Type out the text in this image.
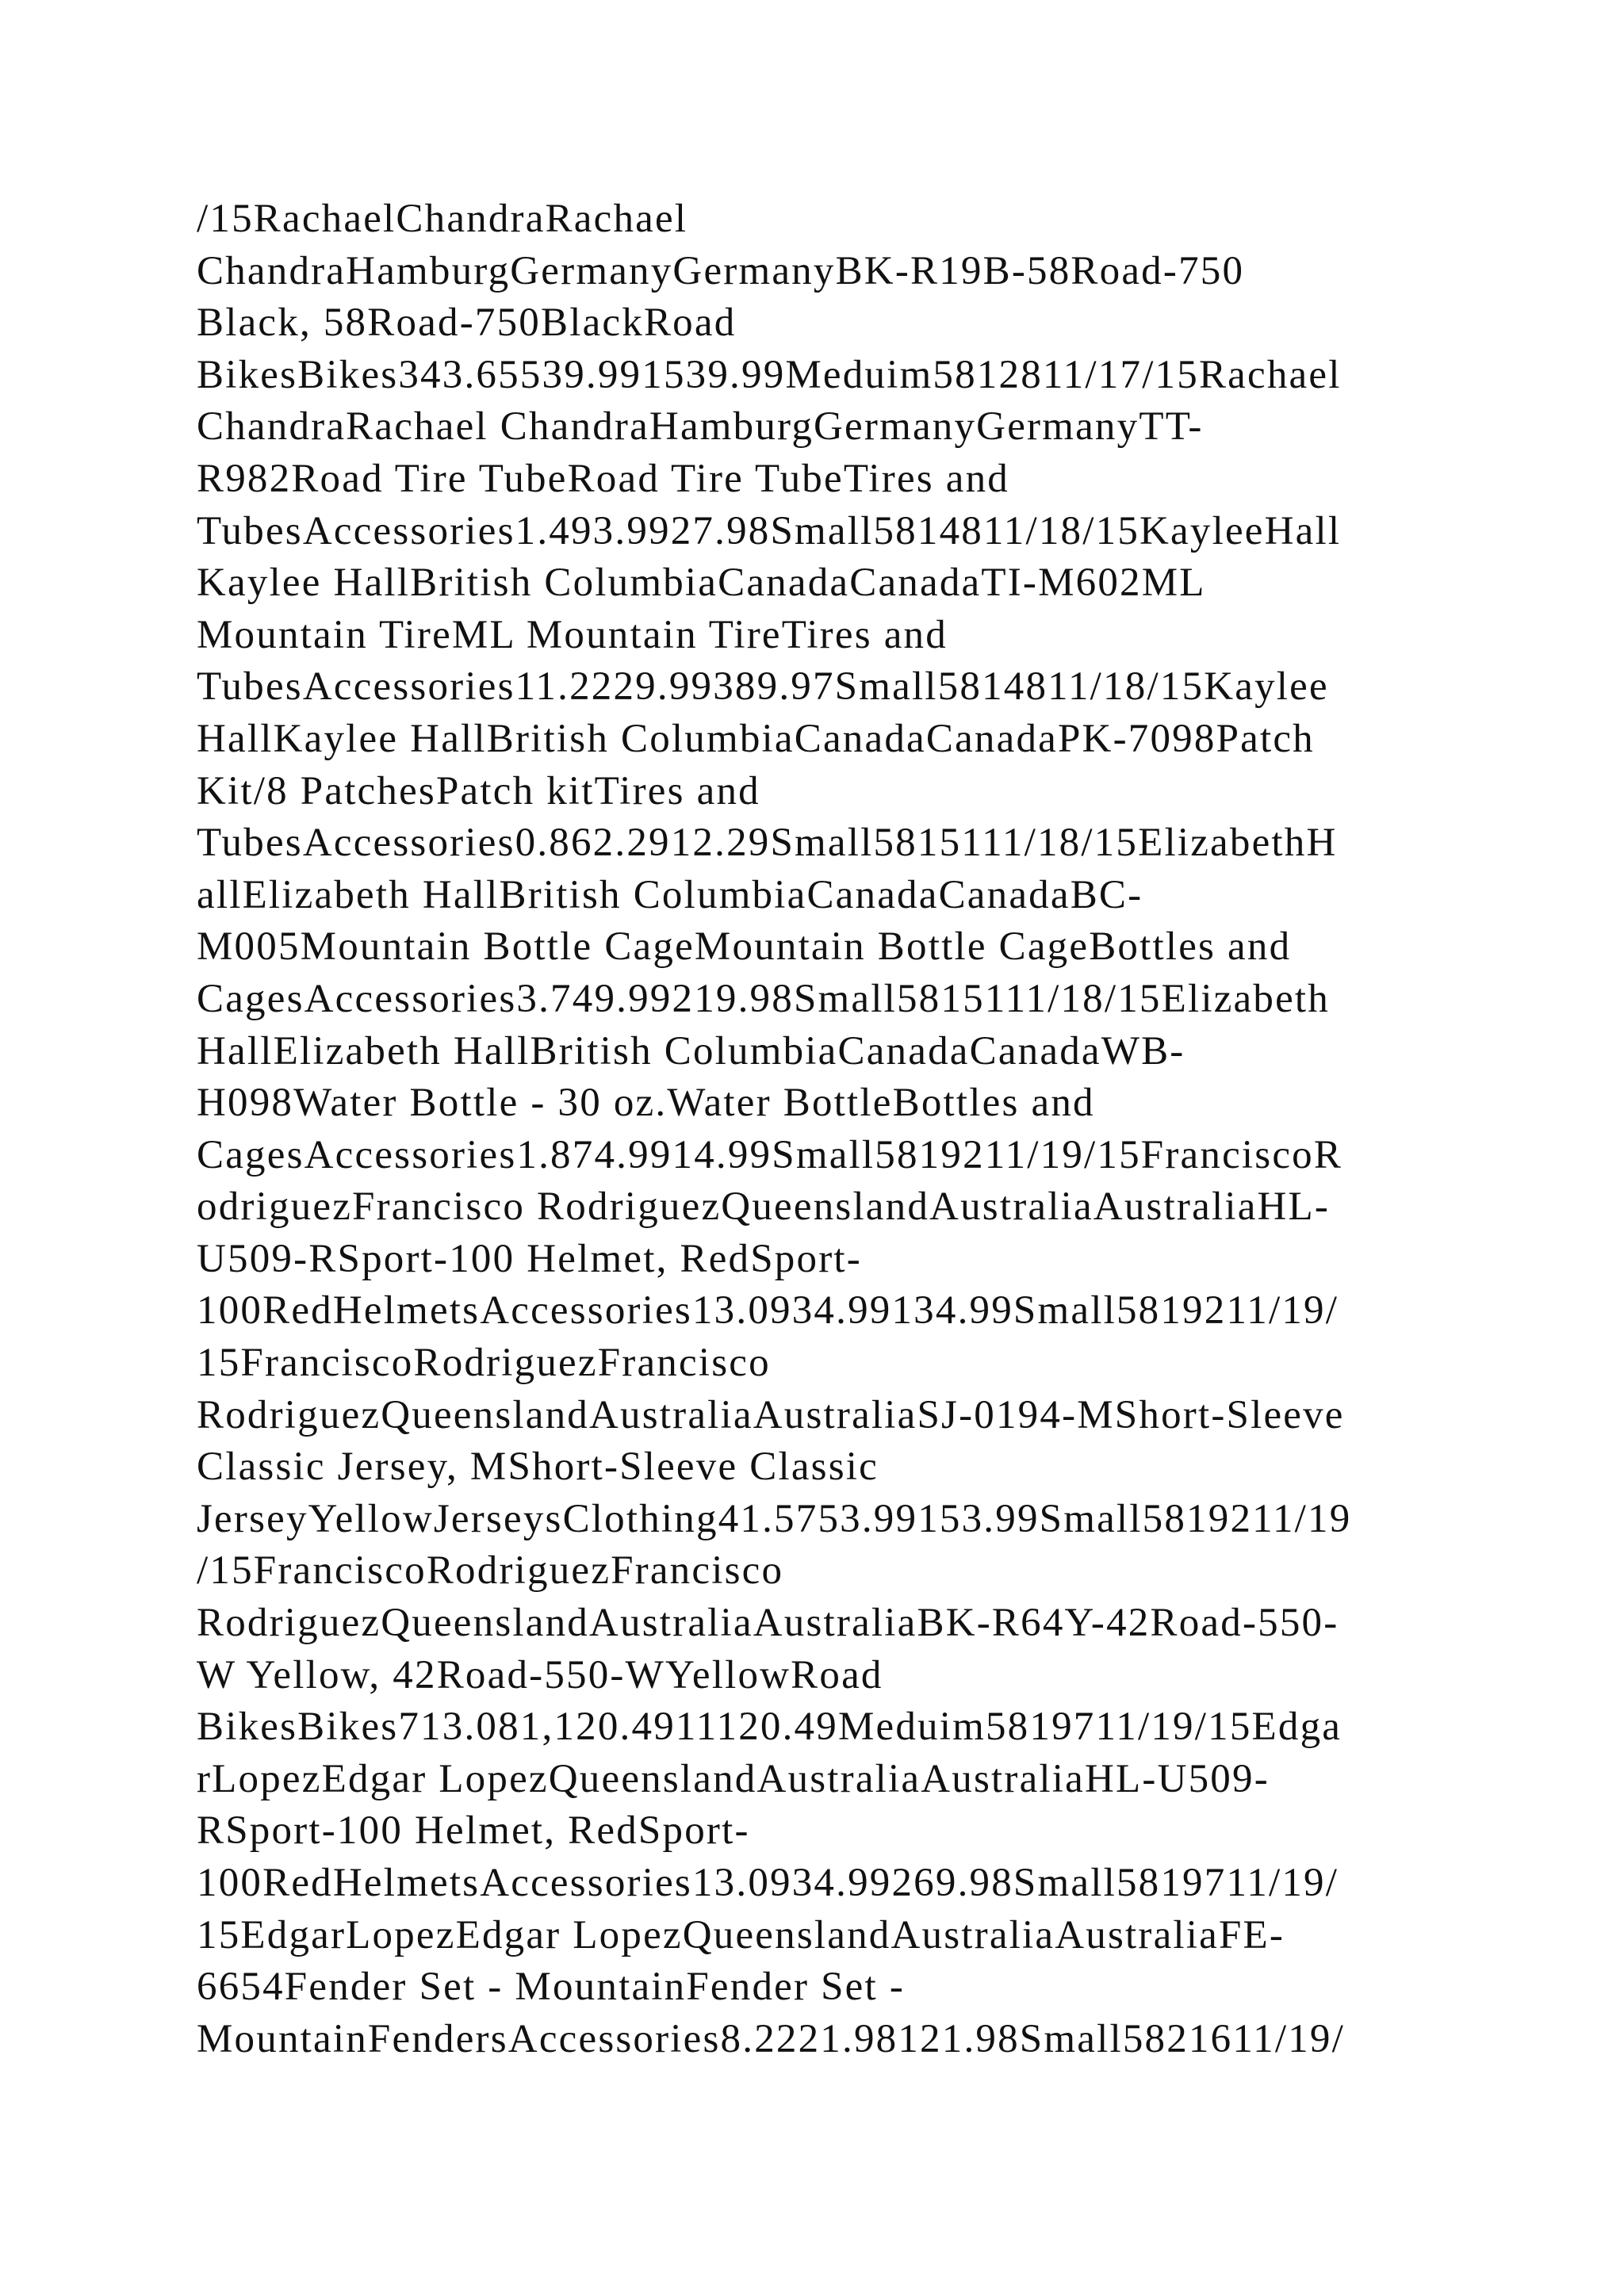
/15RachaelChandraRachael
ChandraHamburgGermanyGermanyBK-R19B-58Road-750
Black, 58Road-750BlackRoad
BikesBikes343.65539.991539.99Meduim5812811/17/15Rachael
ChandraRachael ChandraHamburgGermanyGermanyTT-
R982Road Tire TubeRoad Tire TubeTires and
TubesAccessories1.493.9927.98Small5814811/18/15KayleeHall
Kaylee HallBritish ColumbiaCanadaCanadaTI-M602ML
Mountain TireML Mountain TireTires and
TubesAccessories11.2229.99389.97Small5814811/18/15Kaylee
HallKaylee HallBritish ColumbiaCanadaCanadaPK-7098Patch
Kit/8 PatchesPatch kitTires and
TubesAccessories0.862.2912.29Small5815111/18/15ElizabethH
allElizabeth HallBritish ColumbiaCanadaCanadaBC-
M005Mountain Bottle CageMountain Bottle CageBottles and
CagesAccessories3.749.99219.98Small5815111/18/15Elizabeth
HallElizabeth HallBritish ColumbiaCanadaCanadaWB-
H098Water Bottle - 30 oz.Water BottleBottles and
CagesAccessories1.874.9914.99Small5819211/19/15FranciscoR
odriguezFrancisco RodriguezQueenslandAustraliaAustraliaHL-
U509-RSport-100 Helmet, RedSport-
100RedHelmetsAccessories13.0934.99134.99Small5819211/19/
15FranciscoRodriguezFrancisco
RodriguezQueenslandAustraliaAustraliaSJ-0194-MShort-Sleeve
Classic Jersey, MShort-Sleeve Classic
JerseyYellowJerseysClothing41.5753.99153.99Small5819211/19
/15FranciscoRodriguezFrancisco
RodriguezQueenslandAustraliaAustraliaBK-R64Y-42Road-550-
W Yellow, 42Road-550-WYellowRoad
BikesBikes713.081,120.4911120.49Meduim5819711/19/15Edga
rLopezEdgar LopezQueenslandAustraliaAustraliaHL-U509-
RSport-100 Helmet, RedSport-
100RedHelmetsAccessories13.0934.99269.98Small5819711/19/
15EdgarLopezEdgar LopezQueenslandAustraliaAustraliaFE-
6654Fender Set - MountainFender Set -
MountainFendersAccessories8.2221.98121.98Small5821611/19/
